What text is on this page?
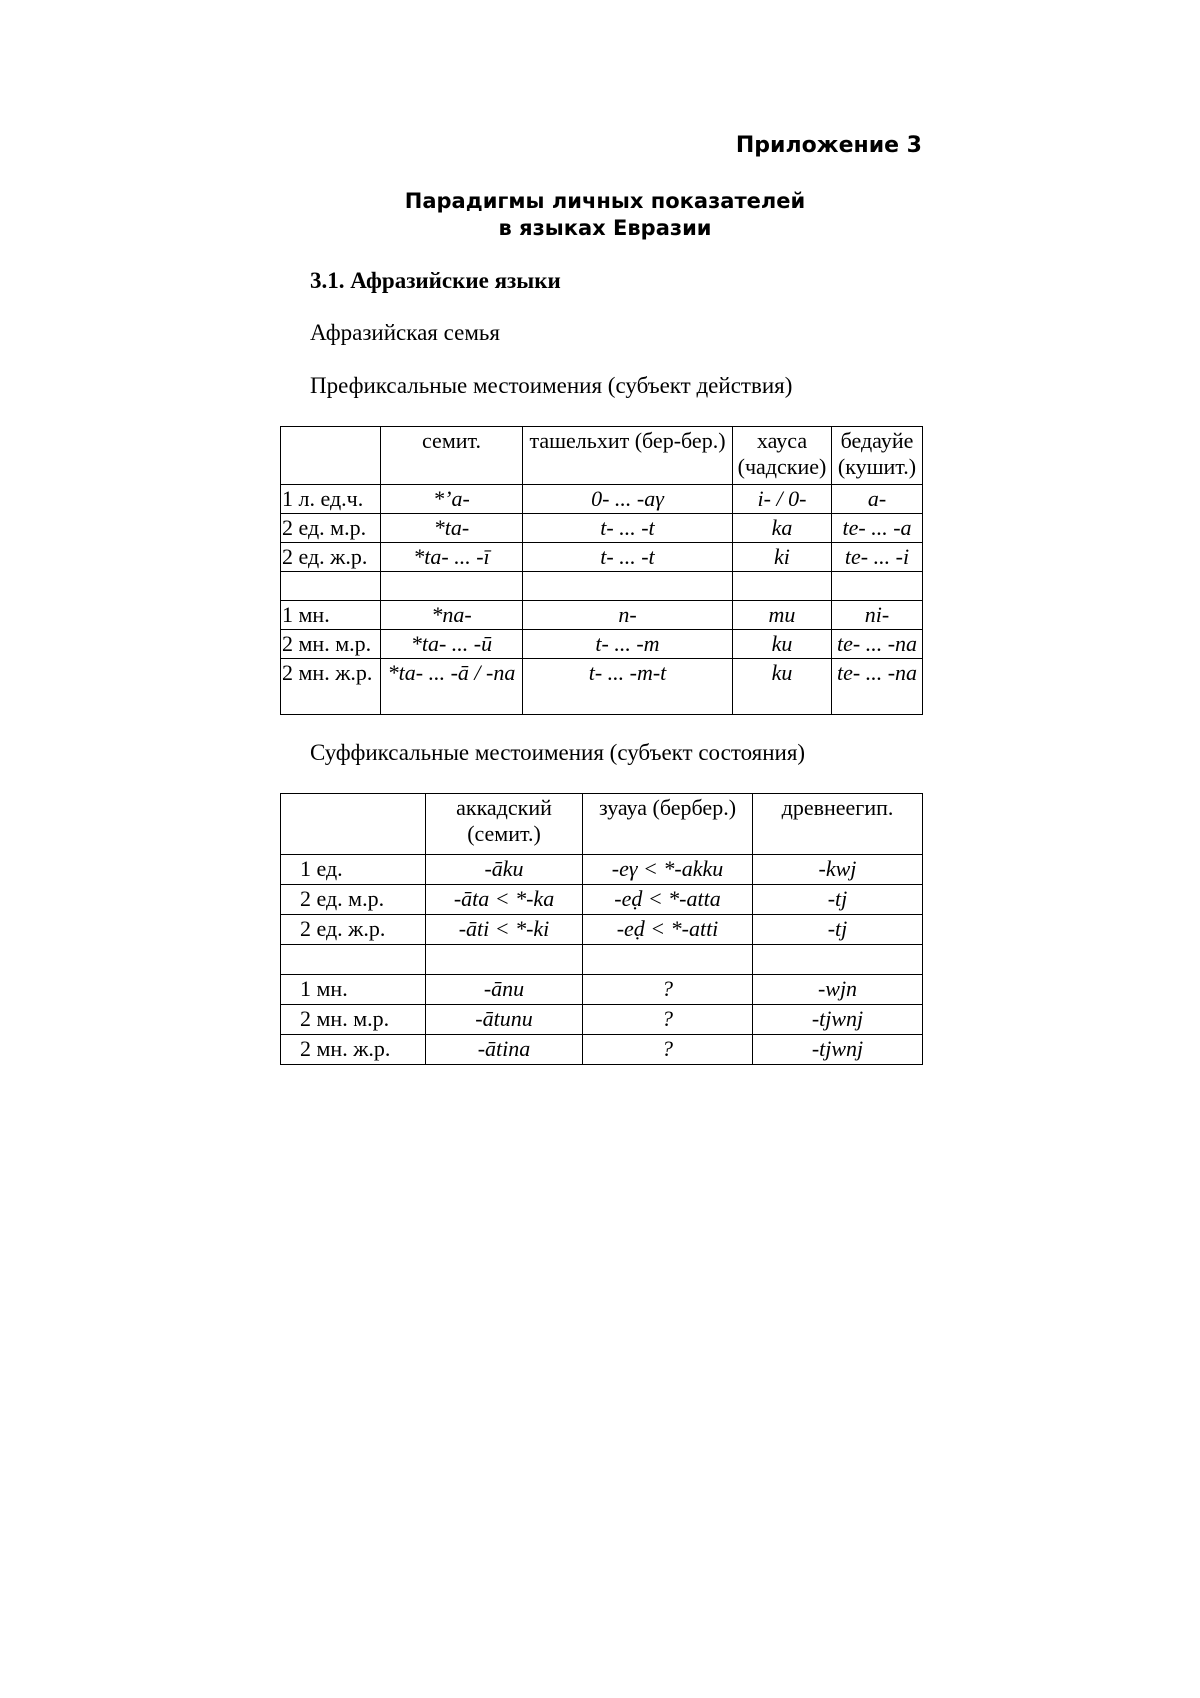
Приложение 3

Парадигмы личных показателей
в языках Евразии

3.1. Афразийские языки

Афразийская семья

Префиксальные местоимения (субъект действия)

	семит.	ташельхит (бер-бер.)	хауса (чадские)	бедауйе (кушит.)
1 л. ед.ч.	*’a-	0- ... -aγ	i- / 0-	a-
2 ед. м.р.	*ta-	t- ... -t	ka	te- ... -a
2 ед. ж.р.	*ta- ... -ī	t- ... -t	ki	te- ... -i

1 мн.	*na-	n-	mu	ni-
2 мн. м.р.	*ta- ... -ū	t- ... -m	ku	te- ... -na
2 мн. ж.р.	*ta- ... -ā / -na	t- ... -m-t	ku	te- ... -na

Суффиксальные местоимения (субъект состояния)

	аккадский (семит.)	зуауа (бербер.)	древнеегип.
1 ед.	-āku	-eγ < *-akku	-kwj
2 ед. м.р.	-āta < *-ka	-eḍ < *-atta	-tj
2 ед. ж.р.	-āti < *-ki	-eḍ < *-atti	-tj

1 мн.	-ānu	?	-wjn
2 мн. м.р.	-ātunu	?	-tjwnj
2 мн. ж.р.	-ātina	?	-tjwnj
